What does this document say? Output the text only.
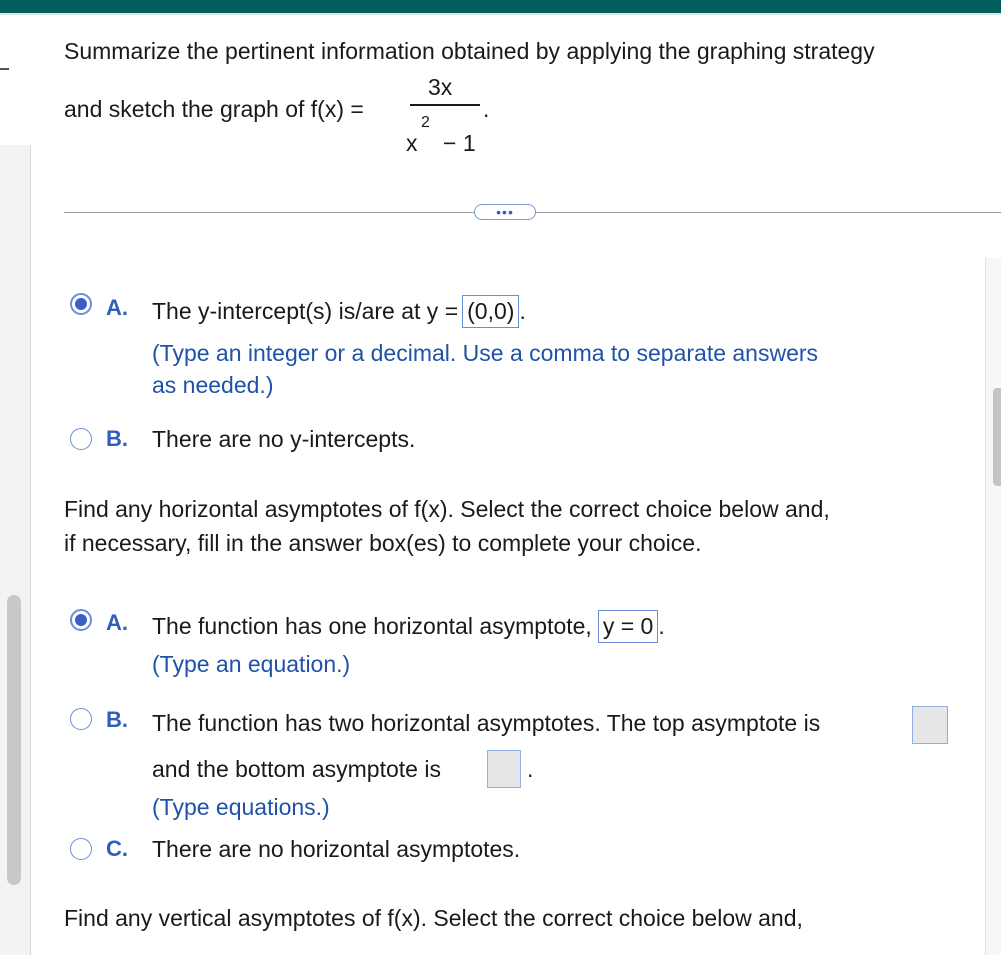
Summarize the pertinent information obtained by applying the graphing strategy
and sketch the graph of f(x) =
3x
x
2
− 1
.
•••
A. The y-intercept(s) is/are at y = (0,0) .
(Type an integer or a decimal. Use a comma to separate answers
as needed.)
B. There are no y-intercepts.
Find any horizontal asymptotes of f(x). Select the correct choice below and,
if necessary, fill in the answer box(es) to complete your choice.
A. The function has one horizontal asymptote, y = 0 .
(Type an equation.)
B. The function has two horizontal asymptotes. The top asymptote is
and the bottom asymptote is	.
(Type equations.)
C. There are no horizontal asymptotes.
Find any vertical asymptotes of f(x). Select the correct choice below and,
